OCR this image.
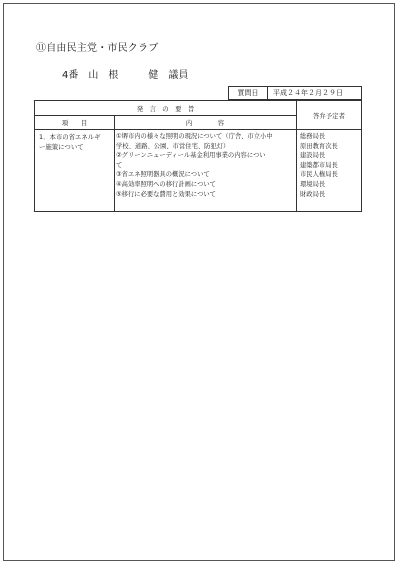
⑪自由民主党・市民クラブ
4番　山　根　　　健　議員
質問日	平成２４年２月２９日
発　言　の　要　旨
項　　目	内　　　　容
答弁予定者
1．本市の省エネルギ
ー施策について
①堺市内の様々な照明の現況について（庁舎、市立小中
学校、道路、公園、市営住宅、防犯灯）
②グリーンニューディール基金利用事業の内容につい
て
③省エネ照明器具の概況について
④高効率照明への移行計画について
⑤移行に必要な費用と効果について
総務局長
原田教育次長
建設局長
建築都市局長
市民人権局長
環境局長
財政局長
